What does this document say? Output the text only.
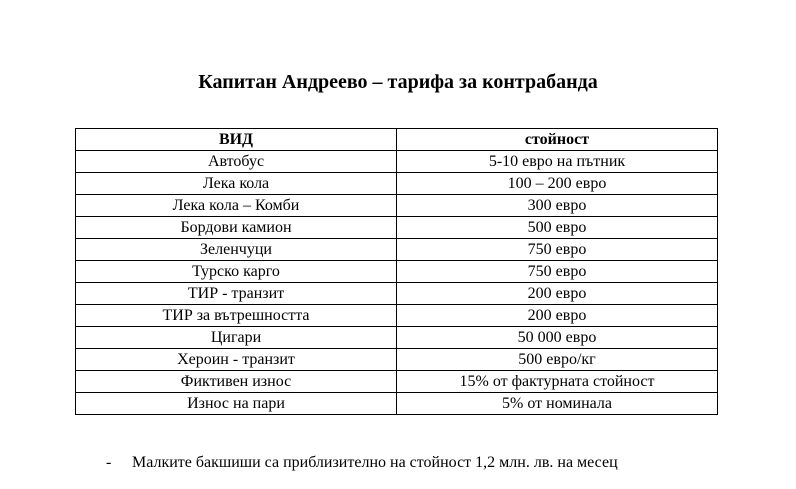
Капитан Андреево – тарифа за контрабанда
ВИД	стойност
Автобус	5-10 евро на пътник
Лека кола	100 – 200 евро
Лека кола – Комби	300 евро
Бордови камион	500 евро
Зеленчуци	750 евро
Турско карго	750 евро
ТИР - транзит	200 евро
ТИР за вътрешността	200 евро
Цигари	50 000 евро
Хероин - транзит	500 евро/кг
Фиктивен износ	15% от фактурната стойност
Износ на пари	5% от номинала
- Малките бакшиши са приблизително на стойност 1,2 млн. лв. на месец
